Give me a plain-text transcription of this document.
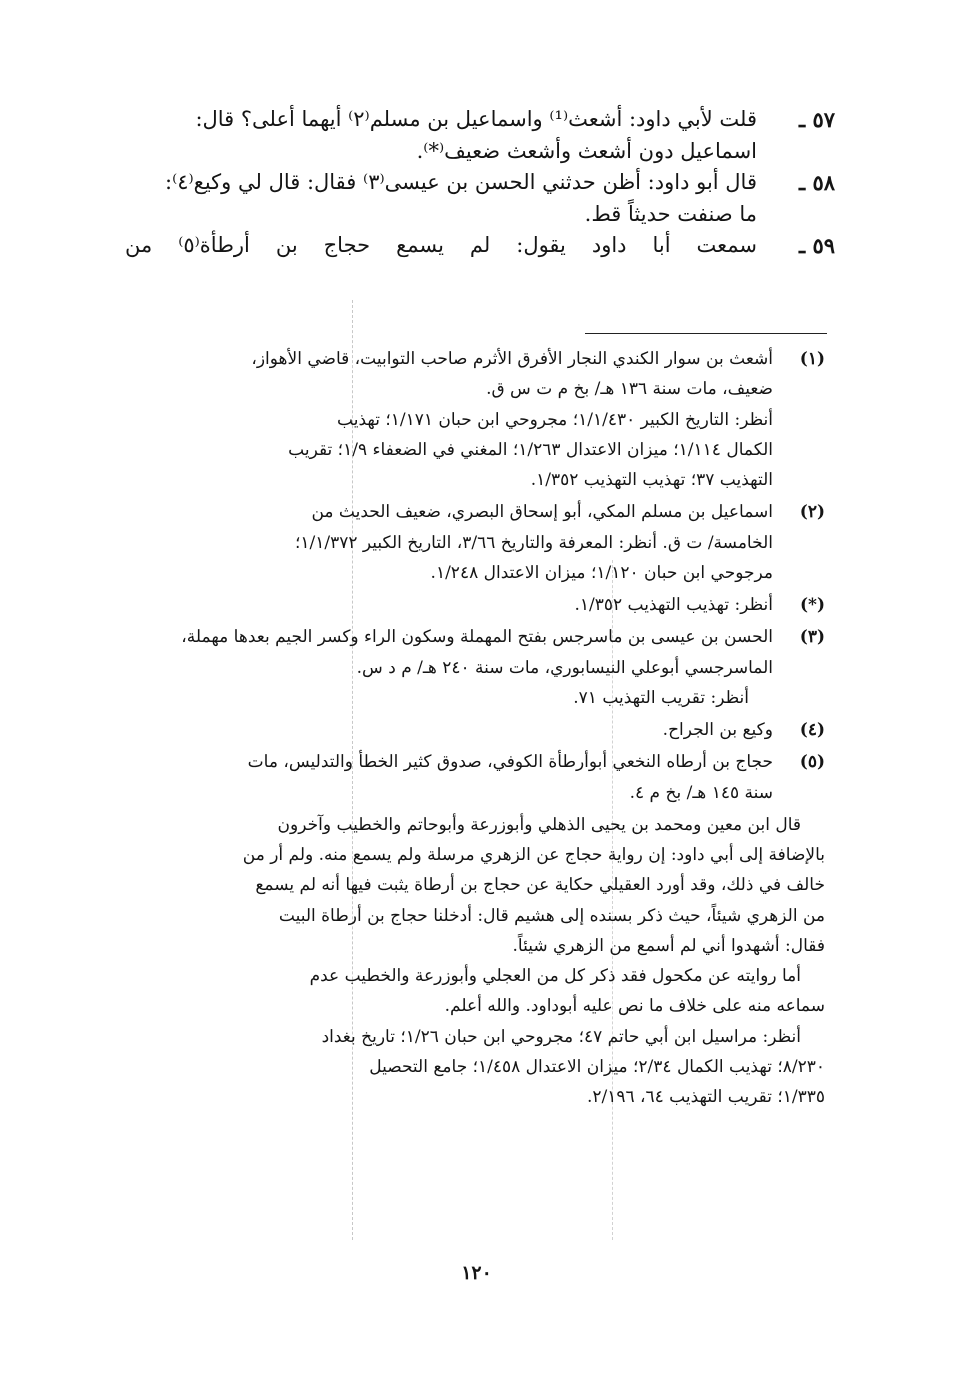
٥٧ ـ
قلت لأبي داود: أشعث⁽¹⁾ واسماعيل بن مسلم⁽٢⁾ أيهما أعلى؟ قال:
اسماعيل دون أشعث وأشعث ضعيف⁽*⁾.
٥٨ ـ
قال أبو داود: أظن حدثني الحسن بن عيسى⁽٣⁾ فقال: قال لي وكيع⁽٤⁾:
ما صنفت حديثاً قط.
٥٩ ـ
سمعت أبا داود يقول: لم يسمع حجاج بن أرطأة⁽٥⁾ من
(١)
أشعث بن سوار الكندي النجار الأفرق الأثرم صاحب التوابيت، قاضي الأهواز،
ضعيف، مات سنة ١٣٦ هـ/ بخ م ت س ق.
أنظر: التاريخ الكبير ١/١/٤٣٠؛ مجروحي ابن حبان ١/١٧١؛ تهذيب
الكمال ١/١١٤؛ ميزان الاعتدال ١/٢٦٣؛ المغني في الضعفاء ١/٩؛ تقريب
التهذيب ٣٧؛ تهذيب التهذيب ١/٣٥٢.
(٢)
اسماعيل بن مسلم المكي، أبو إسحاق البصري، ضعيف الحديث من
الخامسة/ ت ق. أنظر: المعرفة والتاريخ ٣/٦٦، التاريخ الكبير ١/١/٣٧٢؛
مرجوحي ابن حبان ١/١٢٠؛ ميزان الاعتدال ١/٢٤٨.
(*)
أنظر: تهذيب التهذيب ١/٣٥٢.
(٣)
الحسن بن عيسى بن ماسرجس بفتح المهملة وسكون الراء وكسر الجيم بعدها مهملة،
الماسرجسي أبوعلي النيسابوري، مات سنة ٢٤٠ هـ/ م د س.
أنظر: تقريب التهذيب ٧١.
(٤)
وكيع بن الجراح.
(٥)
حجاج بن أرطاه النخعي أبوأرطأة الكوفي، صدوق كثير الخطأ والتدليس، مات
سنة ١٤٥ هـ/ بخ م ٤.
قال ابن معين ومحمد بن يحيى الذهلي وأبوزرعة وأبوحاتم والخطيب وآخرون
بالإضافة إلى أبي داود: إن رواية حجاج عن الزهري مرسلة ولم يسمع منه. ولم أر من
خالف في ذلك، وقد أورد العقيلي حكاية عن حجاج بن أرطاة يثبت فيها أنه لم يسمع
من الزهري شيئاً، حيث ذكر بسنده إلى هشيم قال: أدخلنا حجاج بن أرطاة البيت
فقال: أشهدوا أني لم أسمع من الزهري شيئاً.
أما روايته عن مكحول فقد ذكر كل من العجلي وأبوزرعة والخطيب عدم
سماعه منه على خلاف ما نص عليه أبوداود. والله أعلم.
أنظر: مراسيل ابن أبي حاتم ٤٧؛ مجروحي ابن حبان ١/٢٦؛ تاريخ بغداد
٨/٢٣٠؛ تهذيب الكمال ٢/٣٤؛ ميزان الاعتدال ١/٤٥٨؛ جامع التحصيل
١/٣٣٥؛ تقريب التهذيب ٦٤، ٢/١٩٦.
١٢٠
